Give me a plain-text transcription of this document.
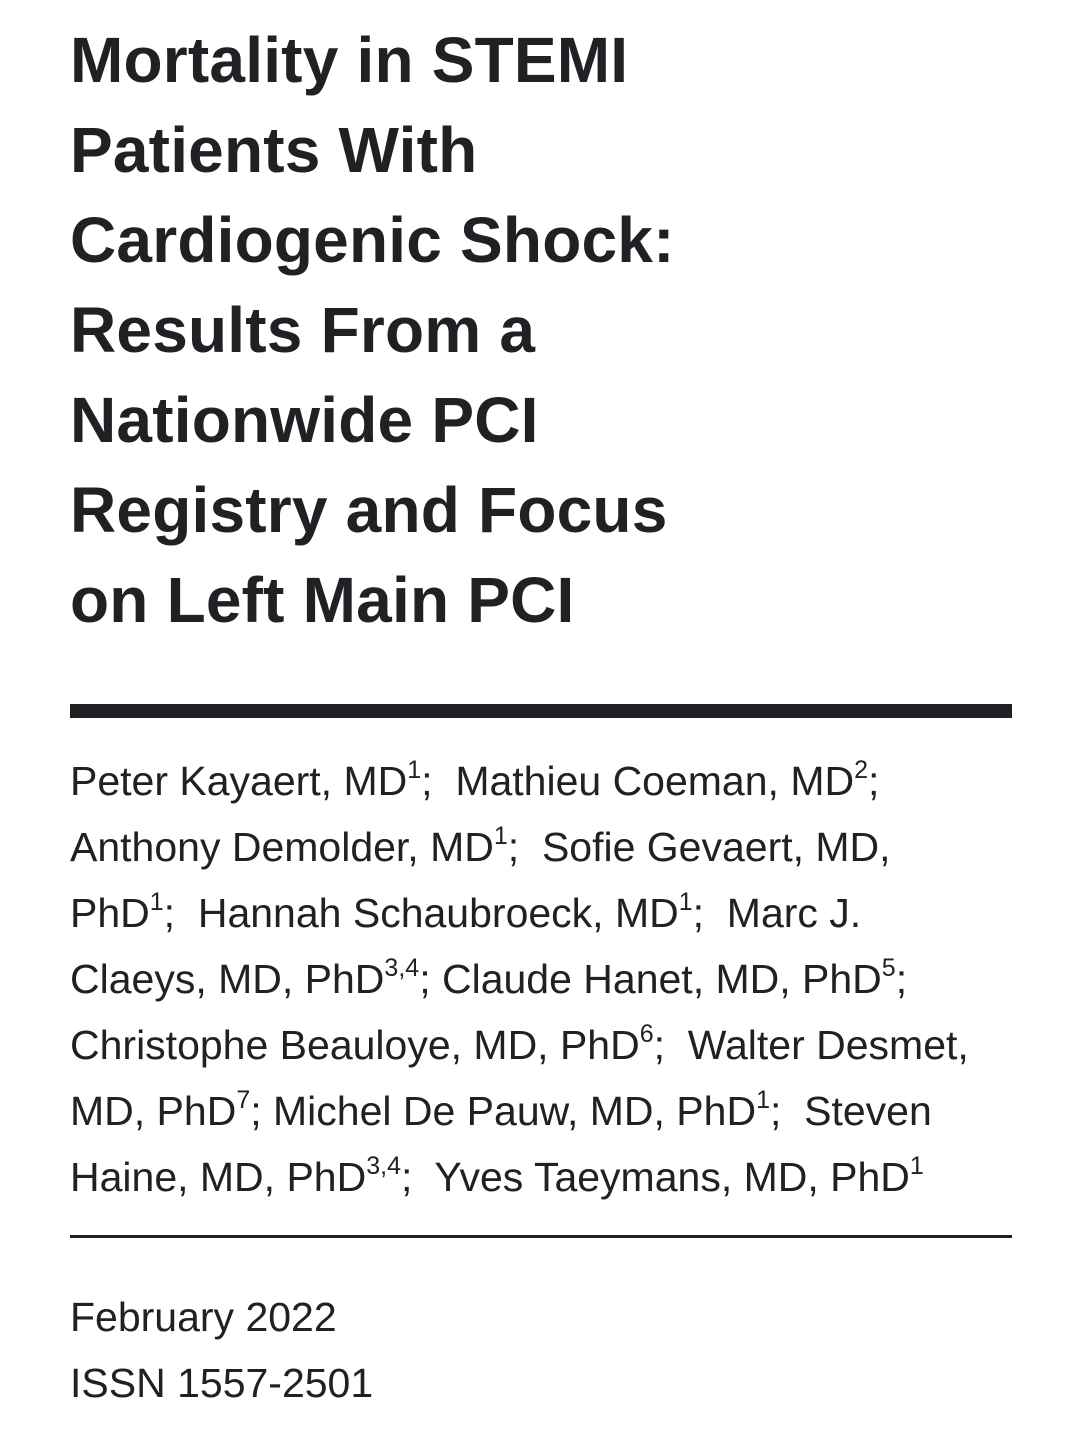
Mortality in STEMI
Patients With
Cardiogenic Shock:
Results From a
Nationwide PCI
Registry and Focus
on Left Main PCI
Peter Kayaert, $MD^1$;  Mathieu Coeman, $MD^2$;
Anthony Demolder, $MD^1$;  Sofie Gevaert, MD,
PhD$^1$;  Hannah Schaubroeck, $MD^1$;  Marc J.
Claeys, MD, PhD$^{3,4}$; Claude Hanet, MD, PhD$^5$;
Christophe Beauloye, MD, PhD$^6$;  Walter Desmet,
MD, PhD$^7$; Michel De Pauw, MD, PhD$^1$;  Steven
Haine, MD, PhD$^{3,4}$;  Yves Taeymans, MD, PhD$^1$
February 2022
ISSN 1557-2501
